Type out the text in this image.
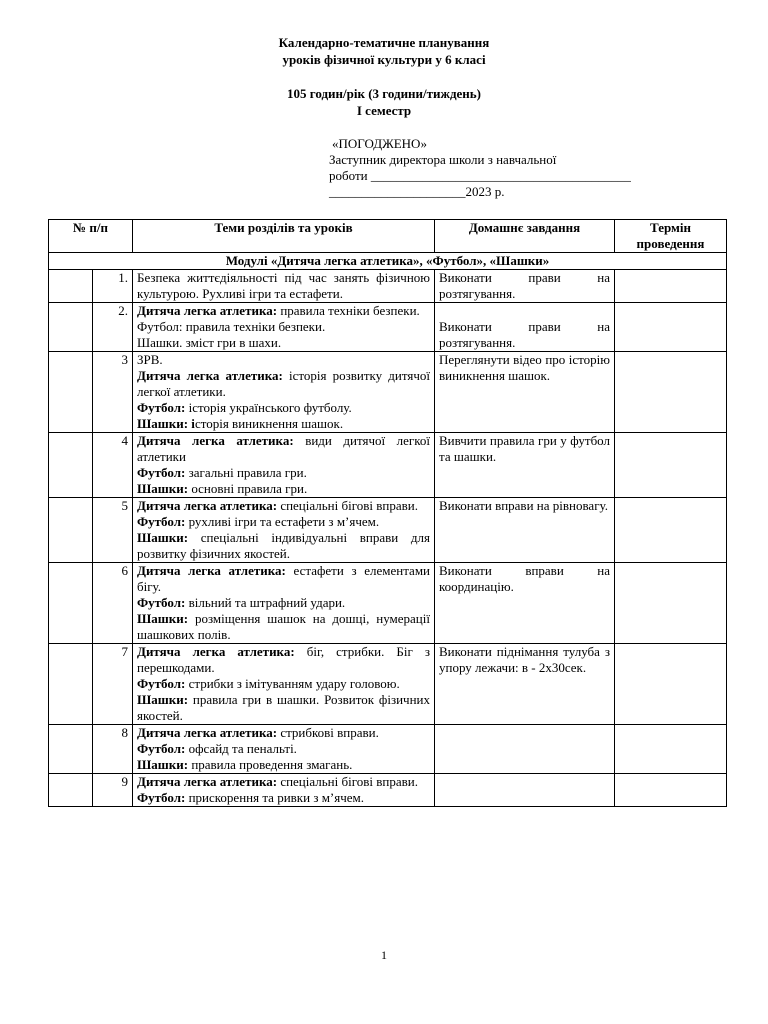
Календарно-тематичне планування
уроків фізичної культури у 6 класі
105 годин/рік (3 години/тиждень)
І семестр
«ПОГОДЖЕНО»
Заступник директора школи з навчальної
роботи ________________________________________
_____________________2023 р.
№ п/п		Теми розділів та уроків	Домашнє завдання	Термін проведення
Модулі «Дитяча легка атлетика», «Футбол», «Шашки»				
	1.	Безпека життєдіяльності під час занять фізичною культурою. Рухливі ігри та естафети.	Виконати прави на розтягування.	
	2.	Дитяча легка атлетика: правила техніки безпеки.
Футбол: правила техніки безпеки.
Шашки. зміст гри в шахи.	Виконати прави на розтягування.	
	3	ЗРВ.
Дитяча легка атлетика: історія розвитку дитячої легкої атлетики.
Футбол: історія українського футболу.
Шашки: історія виникнення шашок.	Переглянути відео про історію виникнення шашок.	
	4	Дитяча легка атлетика: види дитячої легкої атлетики
Футбол: загальні правила гри.
Шашки: основні правила гри.	Вивчити правила гри у футбол та шашки.	
	5	Дитяча легка атлетика: спеціальні бігові вправи.
Футбол: рухливі ігри та естафети з м’ячем.
Шашки: спеціальні індивідуальні вправи для розвитку фізичних якостей.	Виконати вправи на рівновагу.	
	6	Дитяча легка атлетика: естафети з елементами бігу.
Футбол: вільний та штрафний удари.
Шашки: розміщення шашок на дошці, нумерації шашкових полів.	Виконати вправи на координацію.	
	7	Дитяча легка атлетика: біг, стрибки. Біг з перешкодами.
Футбол: стрибки з імітуванням удару головою.
Шашки: правила гри в шашки. Розвиток фізичних якостей.	Виконати піднімання тулуба з упору лежачи: в - 2х30сек.	
	8	Дитяча легка атлетика: стрибкові вправи.
Футбол: офсайд та пенальті.
Шашки: правила проведення змагань.		

	9	Дитяча легка атлетика: спеціальні бігові вправи.
Футбол: прискорення та ривки з м’ячем.		

1
